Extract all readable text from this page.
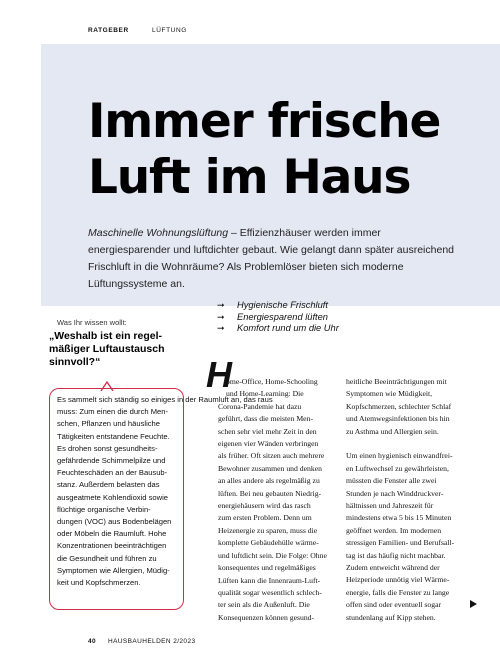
RATGEBER	LÜFTUNG
Immer frische
Luft im Haus

Maschinelle Wohnungslüftung – Effizienzhäuser werden immer energiesparender und luftdichter gebaut. Wie gelangt dann später ausreichend Frischluft in die Wohnräume? Als Problemlöser bieten sich moderne Lüftungssysteme an.

Was Ihr wissen wollt:
„Weshalb ist ein regel-
mäßiger Luftaustausch
sinnvoll?“
Es sammelt sich ständig so einiges in der Raumluft an, das raus
muss: Zum einen die durch Men-
schen, Pflanzen und häusliche
Tätigkeiten entstandene Feuchte.
Es drohen sonst gesundheits-
gefährdende Schimmelpilze und
Feuchteschäden an der Bausub-
stanz. Außerdem belasten das
ausgeatmete Kohlendioxid sowie
flüchtige organische Verbin-
dungen (VOC) aus Bodenbelägen
oder Möbeln die Raumluft. Hohe
Konzentrationen beeinträchtigen
die Gesundheit und führen zu
Symptomen wie Allergien, Müdig-
keit und Kopfschmerzen.
➞	Hygienische Frischluft
➞	Energiesparend lüften
➞	Komfort rund um die Uhr
H
ome-Office, Home-Schooling
und Home-Learning: Die
Corona-Pandemie hat dazu
geführt, dass die meisten Men-
schen sehr viel mehr Zeit in den
eigenen vier Wänden verbringen
als früher. Oft sitzen auch mehrere
Bewohner zusammen und denken
an alles andere als regelmäßig zu
lüften. Bei neu gebauten Niedrig-
energiehäusern wird das rasch
zum ersten Problem. Denn um
Heizenergie zu sparen, muss die
komplette Gebäudehülle wärme-
und luftdicht sein. Die Folge: Ohne
konsequentes und regelmäßiges
Lüften kann die Innenraum-Luft-
qualität sogar wesentlich schlech-
ter sein als die Außenluft. Die
Konsequenzen können gesund-
heitliche Beeinträchtigungen mit
Symptomen wie Müdigkeit,
Kopfschmerzen, schlechter Schlaf
und Atemwegsinfektionen bis hin
zu Asthma und Allergien sein.
Um einen hygienisch einwandfrei-
en Luftwechsel zu gewährleisten,
müssten die Fenster alle zwei
Stunden je nach Winddruckver-
hältnissen und Jahreszeit für
mindestens etwa 5 bis 15 Minuten
geöffnet werden. Im modernen
stressigen Familien- und Berufsall-
tag ist das häufig nicht machbar.
Zudem entweicht während der
Heizperiode unnötig viel Wärme-
energie, falls die Fenster zu lange
offen sind oder eventuell sogar
stundenlang auf Kipp stehen.
40 HAUSBAUHELDEN 2/2023
